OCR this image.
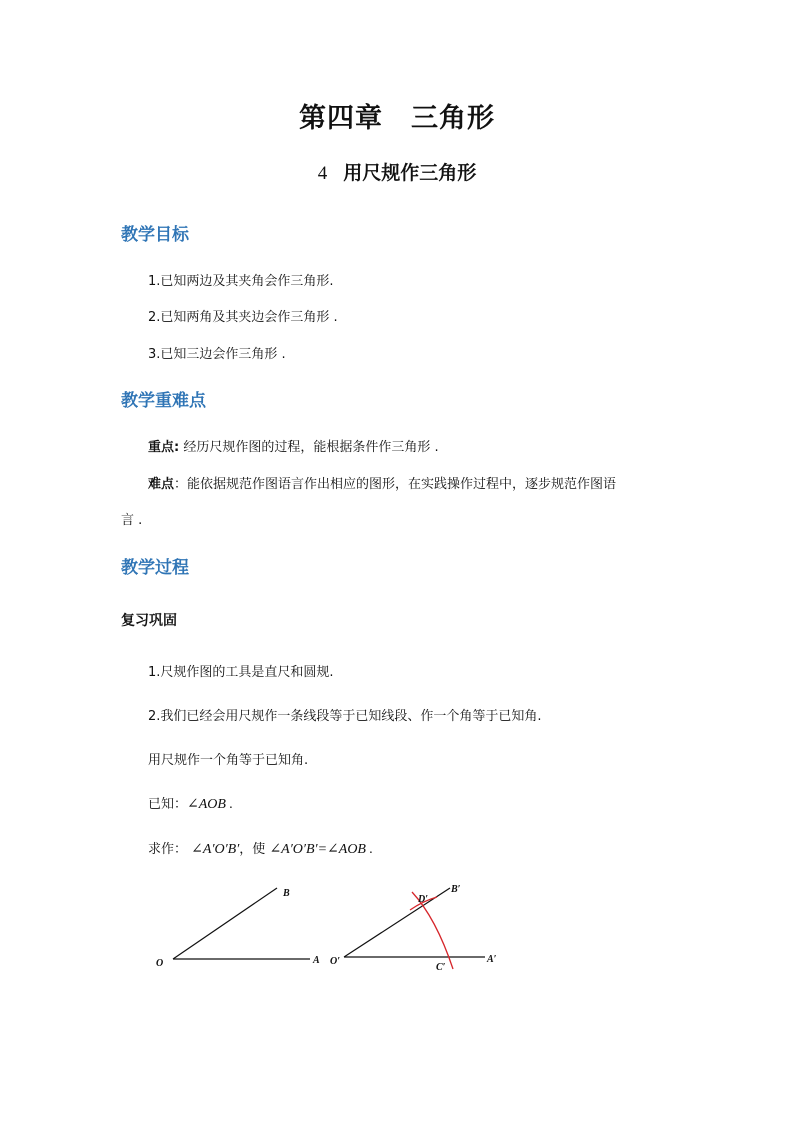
第四章　三角形
4 用尺规作三角形
教学目标
1.已知两边及其夹角会作三角形.
2.已知两角及其夹边会作三角形 .
3.已知三边会作三角形 .
教学重难点
重点: 经历尺规作图的过程，能根据条件作三角形 .
难点：能依据规范作图语言作出相应的图形，在实践操作过程中，逐步规范作图语
言 .
教学过程
复习巩固
1.尺规作图的工具是直尺和圆规.
2.我们已经会用尺规作一条线段等于已知线段、作一个角等于已知角.
用尺规作一个角等于已知角.
已知：∠AOB .
求作： ∠A′O′B′，使 ∠A′O′B′=∠AOB .
O	A
B
O′	A′
B′
C′
D′
